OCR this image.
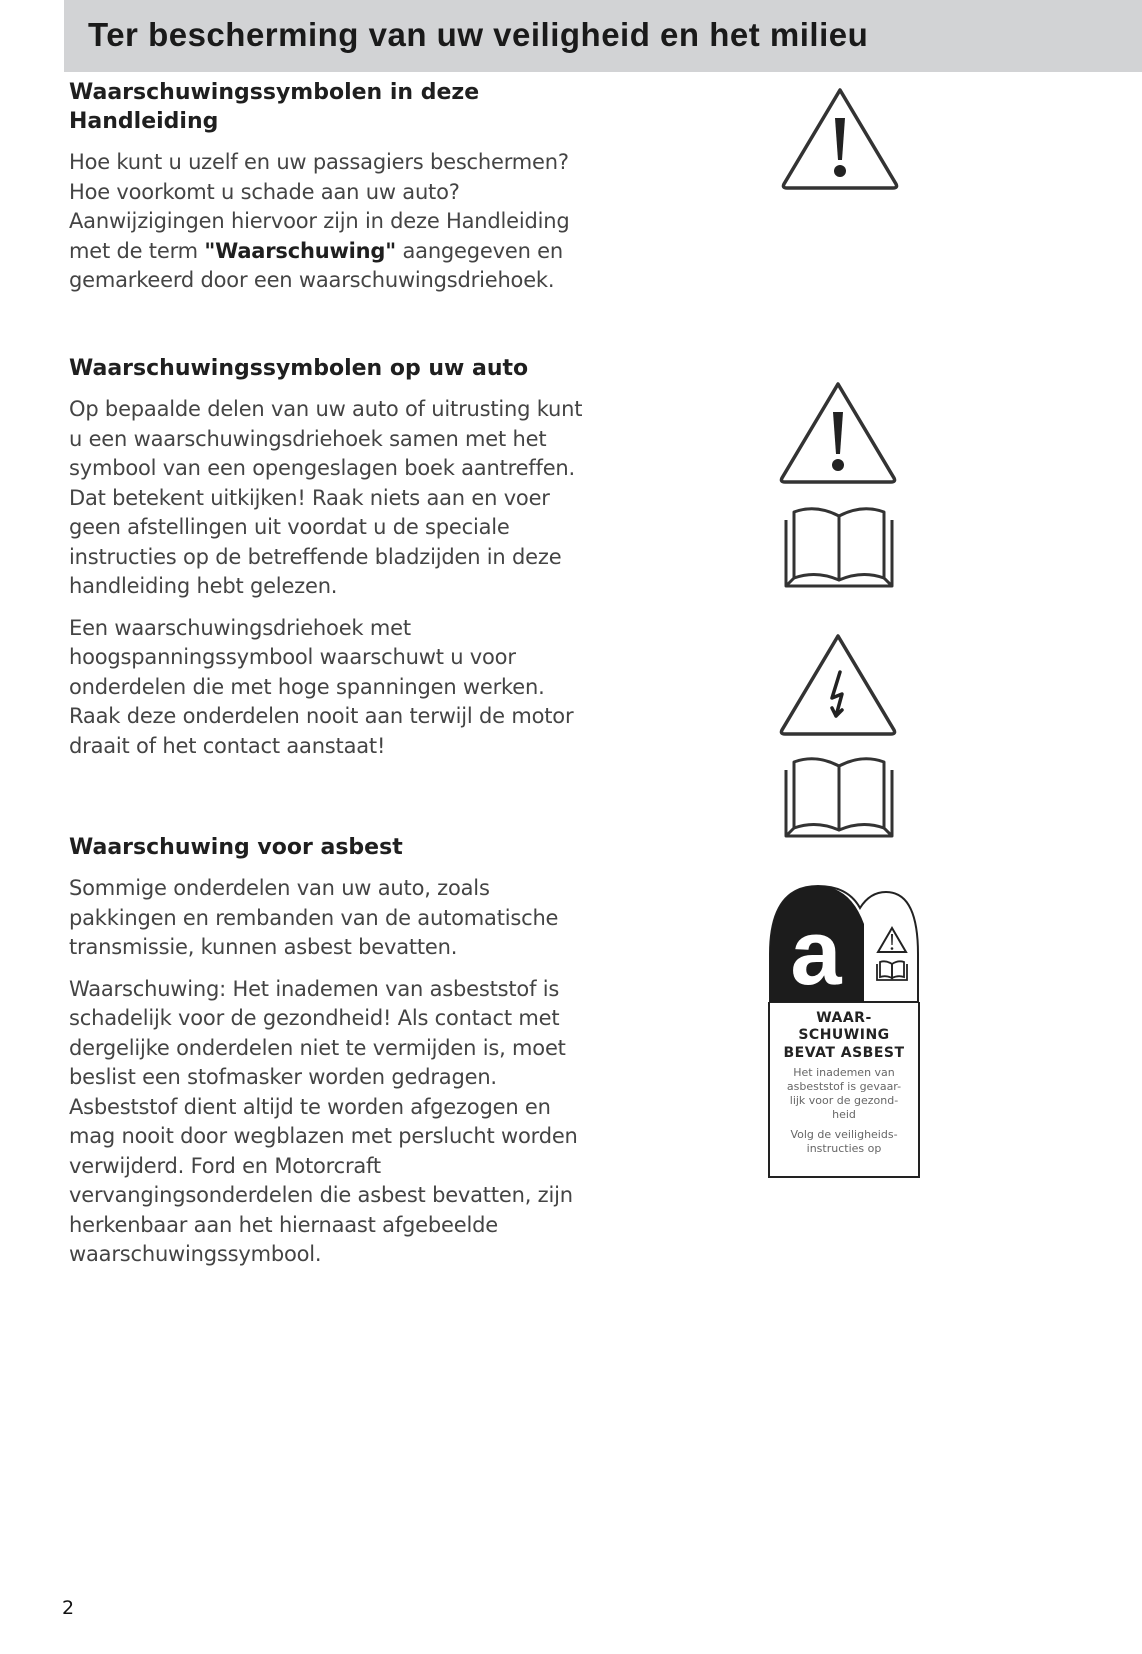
Ter bescherming van uw veiligheid en het milieu
Waarschuwingssymbolen in deze Handleiding

Hoe kunt u uzelf en uw passagiers beschermen? Hoe voorkomt u schade aan uw auto? Aanwijzigingen hiervoor zijn in deze Handleiding met de term "Waarschuwing" aangegeven en gemarkeerd door een waarschuwingsdriehoek.

Waarschuwingssymbolen op uw auto

Op bepaalde delen van uw auto of uitrusting kunt u een waarschuwingsdriehoek samen met het symbool van een opengeslagen boek aantreffen. Dat betekent uitkijken! Raak niets aan en voer geen afstellingen uit voordat u de speciale instructies op de betreffende bladzijden in deze handleiding hebt gelezen.

Een waarschuwingsdriehoek met hoogspanningssymbool waarschuwt u voor onderdelen die met hoge spanningen werken. Raak deze onderdelen nooit aan terwijl de motor draait of het contact aanstaat!

Waarschuwing voor asbest

Sommige onderdelen van uw auto, zoals pakkingen en rembanden van de automatische transmissie, kunnen asbest bevatten.

Waarschuwing: Het inademen van asbeststof is schadelijk voor de gezondheid! Als contact met dergelijke onderdelen niet te vermijden is, moet beslist een stofmasker worden gedragen. Asbeststof dient altijd te worden afgezogen en mag nooit door wegblazen met perslucht worden verwijderd. Ford en Motorcraft vervangingsonderdelen die asbest bevatten, zijn herkenbaar aan het hiernaast afgebeelde waarschuwingssymbool.

a
WAAR-
SCHUWING
BEVAT ASBEST
Het inademen van
asbeststof is gevaar-
lijk voor de gezond-
heid
Volg de veiligheids-
instructies op
2
